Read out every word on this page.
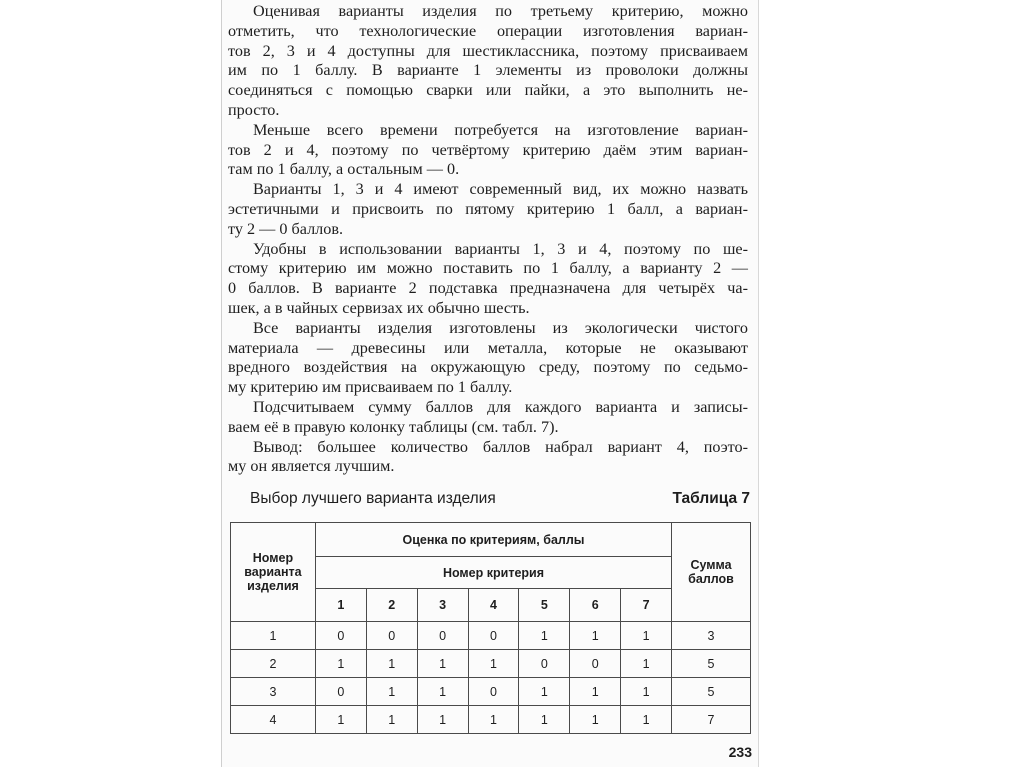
Оценивая варианты изделия по третьему критерию, можно
отметить, что технологические операции изготовления вариан-
тов 2, 3 и 4 доступны для шестиклассника, поэтому присваиваем
им по 1 баллу. В варианте 1 элементы из проволоки должны
соединяться с помощью сварки или пайки, а это выполнить не-
просто.
Меньше всего времени потребуется на изготовление вариан-
тов 2 и 4, поэтому по четвёртому критерию даём этим вариан-
там по 1 баллу, а остальным — 0.
Варианты 1, 3 и 4 имеют современный вид, их можно назвать
эстетичными и присвоить по пятому критерию 1 балл, а вариан-
ту 2 — 0 баллов.
Удобны в использовании варианты 1, 3 и 4, поэтому по ше-
стому критерию им можно поставить по 1 баллу, а варианту 2 —
0 баллов. В варианте 2 подставка предназначена для четырёх ча-
шек, а в чайных сервизах их обычно шесть.
Все варианты изделия изготовлены из экологически чистого
материала — древесины или металла, которые не оказывают
вредного воздействия на окружающую среду, поэтому по седьмо-
му критерию им присваиваем по 1 баллу.
Подсчитываем сумму баллов для каждого варианта и записы-
ваем её в правую колонку таблицы (см. табл. 7).
Вывод: большее количество баллов набрал вариант 4, поэто-
му он является лучшим.
Выбор лучшего варианта изделия	Таблица 7
Номер варианта изделия	Оценка по критериям, баллы							Сумма баллов
	Номер критерия							
	1	2	3	4	5	6	7	
1	0	0	0	0	1	1	1	3
2	1	1	1	1	0	0	1	5
3	0	1	1	0	1	1	1	5
4	1	1	1	1	1	1	1	7
233
